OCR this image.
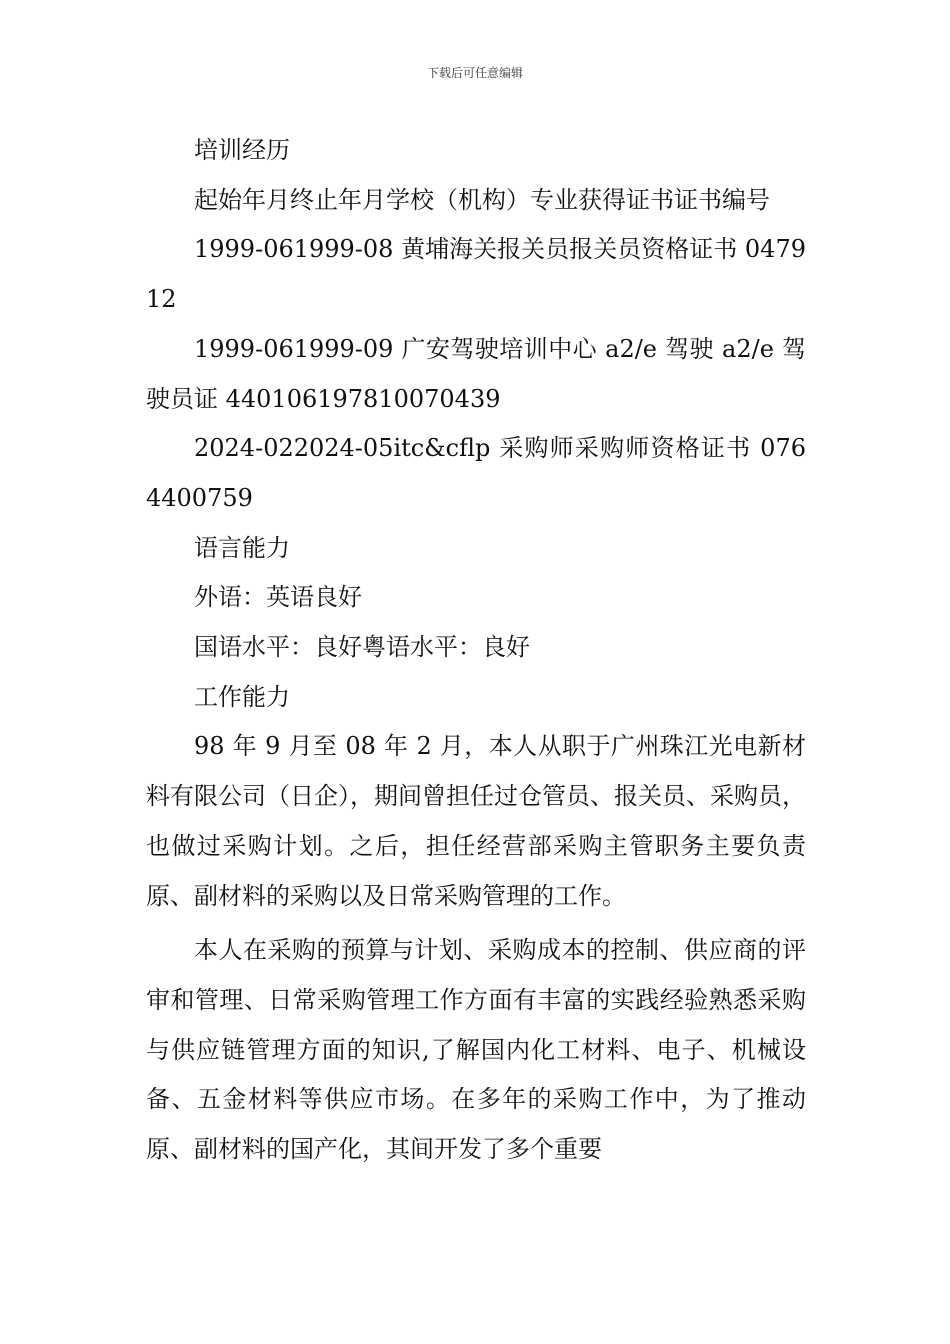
下载后可任意编辑

培训经历

起始年月终止年月学校（机构）专业获得证书证书编号

1999-061999-08 黄埔海关报关员报关员资格证书 047912

1999-061999-09 广安驾驶培训中心 a2/e 驾驶 a2/e 驾驶员证 440106197810070439

2024-022024-05itc&cflp 采购师采购师资格证书 0764400759

语言能力

外语：英语良好

国语水平：良好粤语水平：良好

工作能力

98 年 9 月至 08 年 2 月，本人从职于广州珠江光电新材料有限公司（日企），期间曾担任过仓管员、报关员、采购员，也做过采购计划。之后，担任经营部采购主管职务主要负责原、副材料的采购以及日常采购管理的工作。

本人在采购的预算与计划、采购成本的控制、供应商的评审和管理、日常采购管理工作方面有丰富的实践经验熟悉采购与供应链管理方面的知识,了解国内化工材料、电子、机械设备、五金材料等供应市场。在多年的采购工作中，为了推动原、副材料的国产化，其间开发了多个重要
